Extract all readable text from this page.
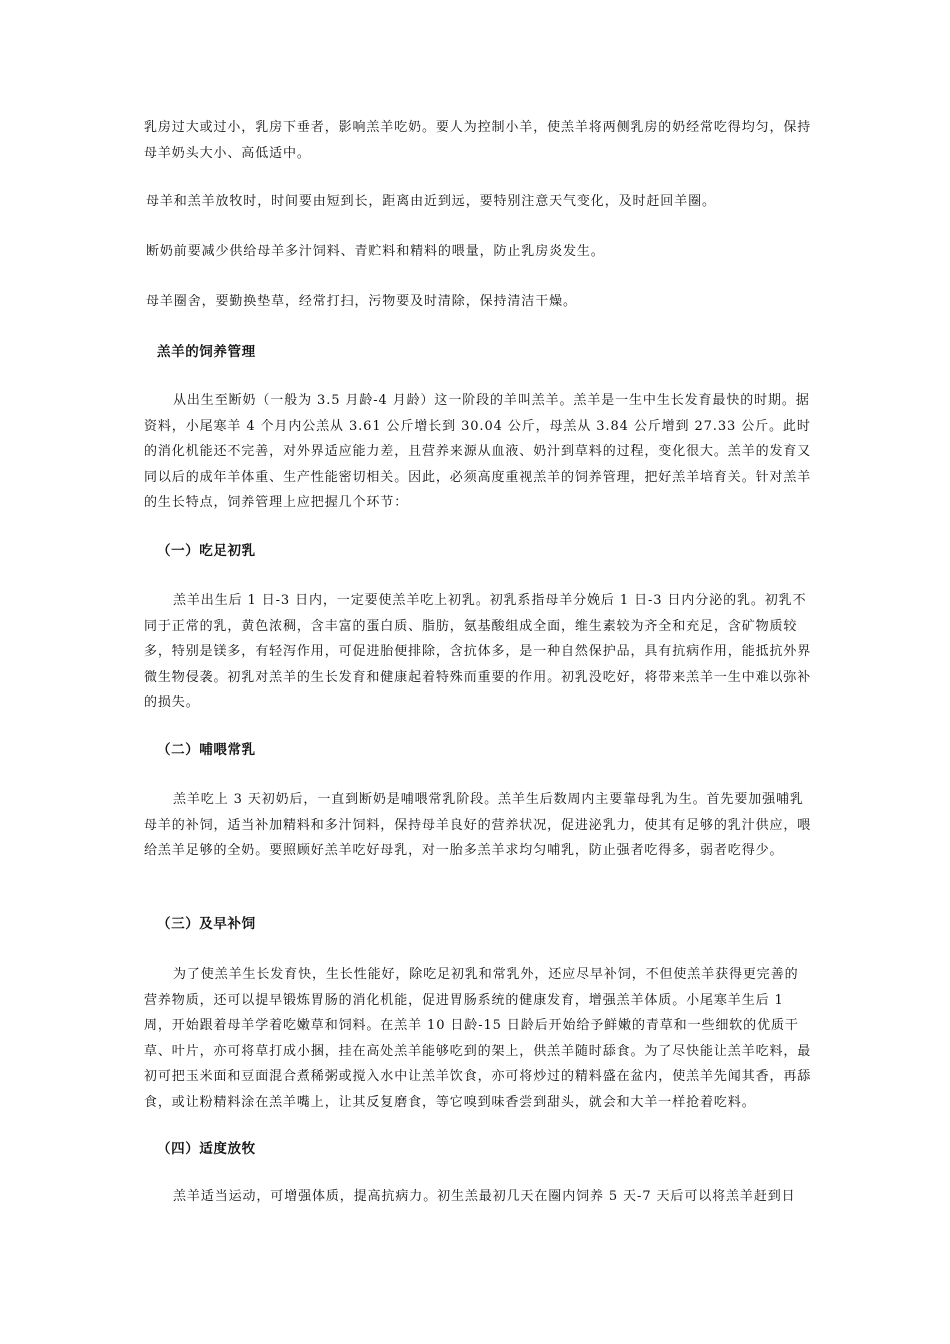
乳房过大或过小，乳房下垂者，影响羔羊吃奶。要人为控制小羊，使羔羊将两侧乳房的奶经常吃得均匀，保持母羊奶头大小、高低适中。

母羊和羔羊放牧时，时间要由短到长，距离由近到远，要特别注意天气变化，及时赶回羊圈。

断奶前要减少供给母羊多汁饲料、青贮料和精料的喂量，防止乳房炎发生。

母羊圈舍，要勤换垫草，经常打扫，污物要及时清除，保持清洁干燥。

羔羊的饲养管理

从出生至断奶（一般为 3.5 月龄-4 月龄）这一阶段的羊叫羔羊。羔羊是一生中生长发育最快的时期。据资料，小尾寒羊 4 个月内公羔从 3.61 公斤增长到 30.04 公斤，母羔从 3.84 公斤增到 27.33 公斤。此时的消化机能还不完善，对外界适应能力差，且营养来源从血液、奶汁到草料的过程，变化很大。羔羊的发育又同以后的成年羊体重、生产性能密切相关。因此，必须高度重视羔羊的饲养管理，把好羔羊培育关。针对羔羊的生长特点，饲养管理上应把握几个环节：

（一）吃足初乳

羔羊出生后 1 日-3 日内，一定要使羔羊吃上初乳。初乳系指母羊分娩后 1 日-3 日内分泌的乳。初乳不同于正常的乳，黄色浓稠，含丰富的蛋白质、脂肪，氨基酸组成全面，维生素较为齐全和充足，含矿物质较多，特别是镁多，有轻泻作用，可促进胎便排除，含抗体多，是一种自然保护品，具有抗病作用，能抵抗外界微生物侵袭。初乳对羔羊的生长发育和健康起着特殊而重要的作用。初乳没吃好，将带来羔羊一生中难以弥补的损失。

（二）哺喂常乳

羔羊吃上 3 天初奶后，一直到断奶是哺喂常乳阶段。羔羊生后数周内主要靠母乳为生。首先要加强哺乳母羊的补饲，适当补加精料和多汁饲料，保持母羊良好的营养状况，促进泌乳力，使其有足够的乳汁供应，喂给羔羊足够的全奶。要照顾好羔羊吃好母乳，对一胎多羔羊求均匀哺乳，防止强者吃得多，弱者吃得少。

（三）及早补饲

为了使羔羊生长发育快，生长性能好，除吃足初乳和常乳外，还应尽早补饲，不但使羔羊获得更完善的营养物质，还可以提早锻炼胃肠的消化机能，促进胃肠系统的健康发育，增强羔羊体质。小尾寒羊生后 1 周，开始跟着母羊学着吃嫩草和饲料。在羔羊 10 日龄-15 日龄后开始给予鲜嫩的青草和一些细软的优质干草、叶片，亦可将草打成小捆，挂在高处羔羊能够吃到的架上，供羔羊随时舔食。为了尽快能让羔羊吃料，最初可把玉米面和豆面混合煮稀粥或搅入水中让羔羊饮食，亦可将炒过的精料盛在盆内，使羔羊先闻其香，再舔食，或让粉精料涂在羔羊嘴上，让其反复磨食，等它嗅到味香尝到甜头，就会和大羊一样抢着吃料。

（四）适度放牧

羔羊适当运动，可增强体质，提高抗病力。初生羔最初几天在圈内饲养 5 天-7 天后可以将羔羊赶到日
